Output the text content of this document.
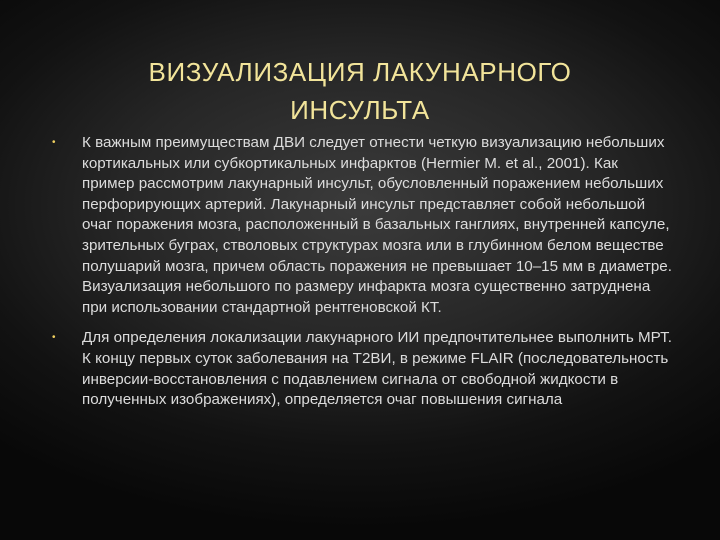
ВИЗУАЛИЗАЦИЯ ЛАКУНАРНОГО
ИНСУЛЬТА
• К важным преимуществам ДВИ следует отнести четкую визуализацию небольших кортикальных или субкортикальных инфарктов (Hermier M. et al., 2001). Как пример рассмотрим лакунарный инсульт, обусловленный поражением небольших перфорирующих артерий. Лакунарный инсульт представляет собой небольшой очаг поражения мозга, расположенный в базальных ганглиях, внутренней капсуле, зрительных буграх, стволовых структурах мозга или в глубинном белом веществе полушарий мозга, причем область поражения не превышает 10–15 мм в диаметре. Визуализация небольшого по размеру инфаркта мозга существенно затруднена при использовании стандартной рентгеновской КТ.
• Для определения локализации лакунарного ИИ предпочтительнее выполнить МРТ. К концу первых суток заболевания на Т2ВИ, в режиме FLAIR (последовательность инверсии-восстановления с подавлением сигнала от свободной жидкости в полученных изображениях), определяется очаг повышения сигнала
